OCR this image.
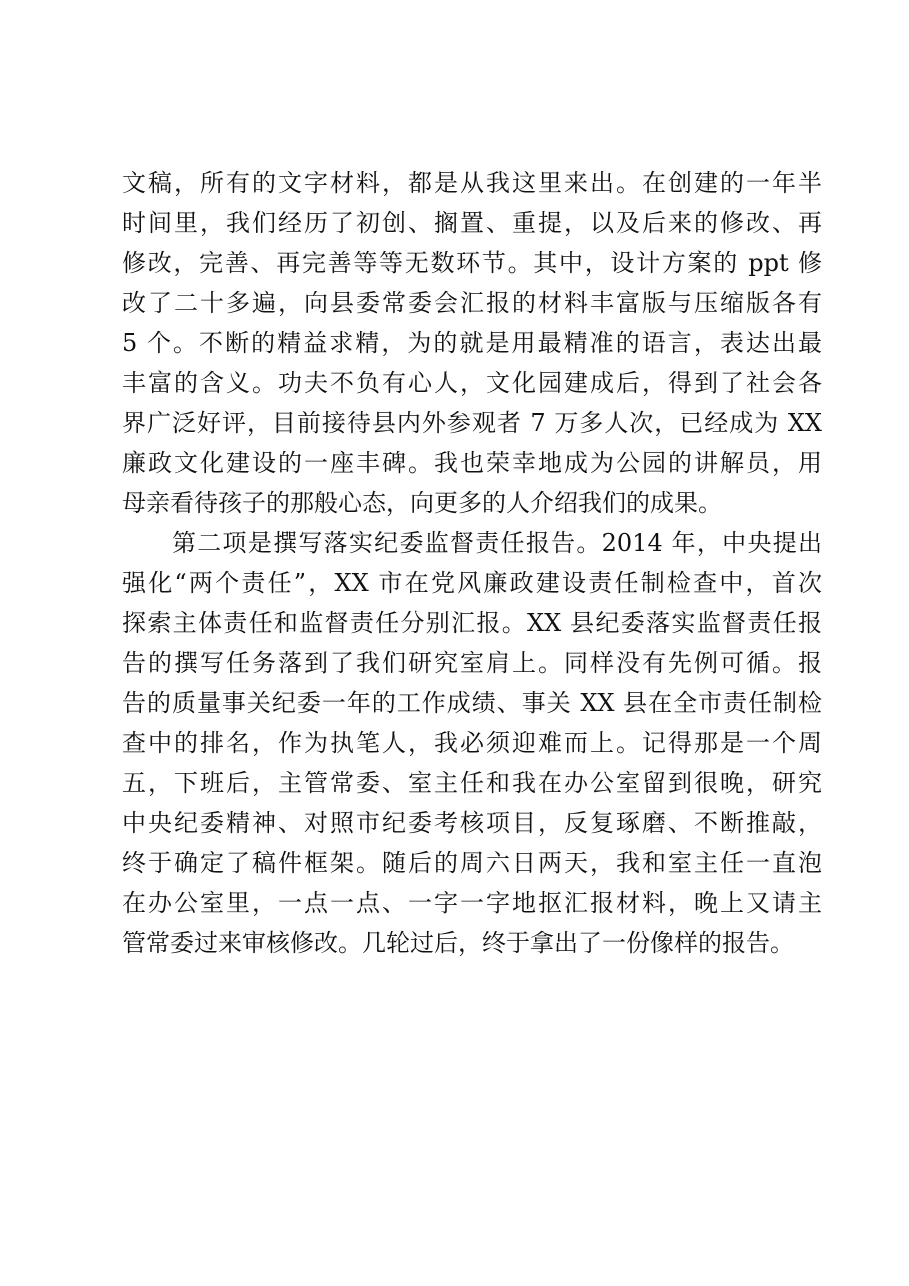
文稿，所有的文字材料，都是从我这里来出。在创建的一年半
时间里，我们经历了初创、搁置、重提，以及后来的修改、再
修改，完善、再完善等等无数环节。其中，设计方案的 ppt 修
改了二十多遍，向县委常委会汇报的材料丰富版与压缩版各有
5 个。不断的精益求精，为的就是用最精准的语言，表达出最
丰富的含义。功夫不负有心人，文化园建成后，得到了社会各
界广泛好评，目前接待县内外参观者 7 万多人次，已经成为 XX
廉政文化建设的一座丰碑。我也荣幸地成为公园的讲解员，用
母亲看待孩子的那般心态，向更多的人介绍我们的成果。
第二项是撰写落实纪委监督责任报告。2014 年，中央提出
强化“两个责任”，XX 市在党风廉政建设责任制检查中，首次
探索主体责任和监督责任分别汇报。XX 县纪委落实监督责任报
告的撰写任务落到了我们研究室肩上。同样没有先例可循。报
告的质量事关纪委一年的工作成绩、事关 XX 县在全市责任制检
查中的排名，作为执笔人，我必须迎难而上。记得那是一个周
五，下班后，主管常委、室主任和我在办公室留到很晚，研究
中央纪委精神、对照市纪委考核项目，反复琢磨、不断推敲，
终于确定了稿件框架。随后的周六日两天，我和室主任一直泡
在办公室里，一点一点、一字一字地抠汇报材料，晚上又请主
管常委过来审核修改。几轮过后，终于拿出了一份像样的报告。
